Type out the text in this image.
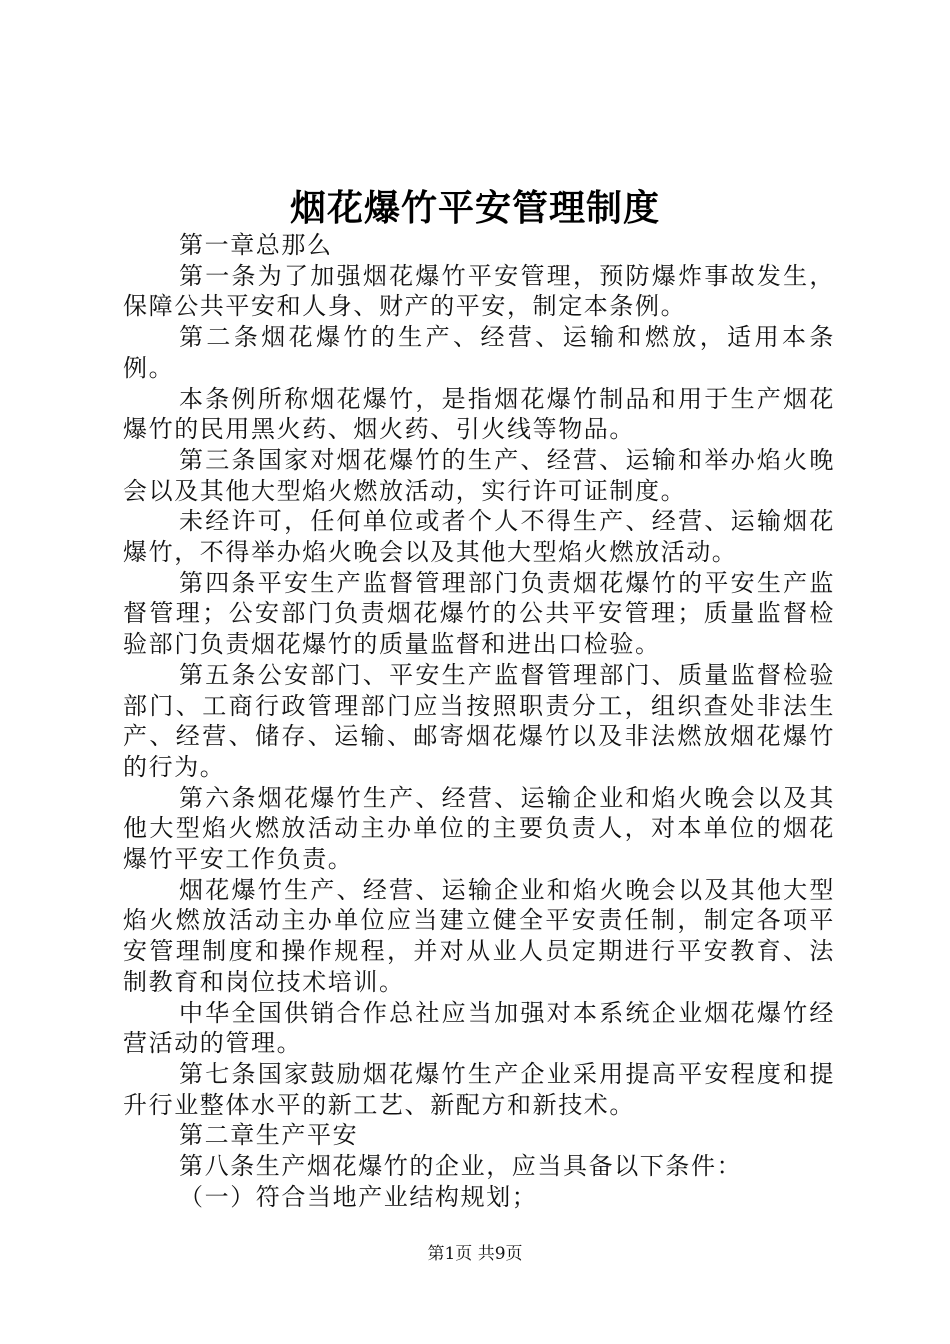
烟花爆竹平安管理制度

第一章总那么

第一条为了加强烟花爆竹平安管理，预防爆炸事故发生，保障公共平安和人身、财产的平安，制定本条例。

第二条烟花爆竹的生产、经营、运输和燃放，适用本条例。

本条例所称烟花爆竹，是指烟花爆竹制品和用于生产烟花爆竹的民用黑火药、烟火药、引火线等物品。

第三条国家对烟花爆竹的生产、经营、运输和举办焰火晚会以及其他大型焰火燃放活动，实行许可证制度。

未经许可，任何单位或者个人不得生产、经营、运输烟花爆竹，不得举办焰火晚会以及其他大型焰火燃放活动。

第四条平安生产监督管理部门负责烟花爆竹的平安生产监督管理；公安部门负责烟花爆竹的公共平安管理；质量监督检验部门负责烟花爆竹的质量监督和进出口检验。

第五条公安部门、平安生产监督管理部门、质量监督检验部门、工商行政管理部门应当按照职责分工，组织查处非法生产、经营、储存、运输、邮寄烟花爆竹以及非法燃放烟花爆竹的行为。

第六条烟花爆竹生产、经营、运输企业和焰火晚会以及其他大型焰火燃放活动主办单位的主要负责人，对本单位的烟花爆竹平安工作负责。

烟花爆竹生产、经营、运输企业和焰火晚会以及其他大型焰火燃放活动主办单位应当建立健全平安责任制，制定各项平安管理制度和操作规程，并对从业人员定期进行平安教育、法制教育和岗位技术培训。

中华全国供销合作总社应当加强对本系统企业烟花爆竹经营活动的管理。

第七条国家鼓励烟花爆竹生产企业采用提高平安程度和提升行业整体水平的新工艺、新配方和新技术。

第二章生产平安

第八条生产烟花爆竹的企业，应当具备以下条件：

（一）符合当地产业结构规划；

第1页 共9页
